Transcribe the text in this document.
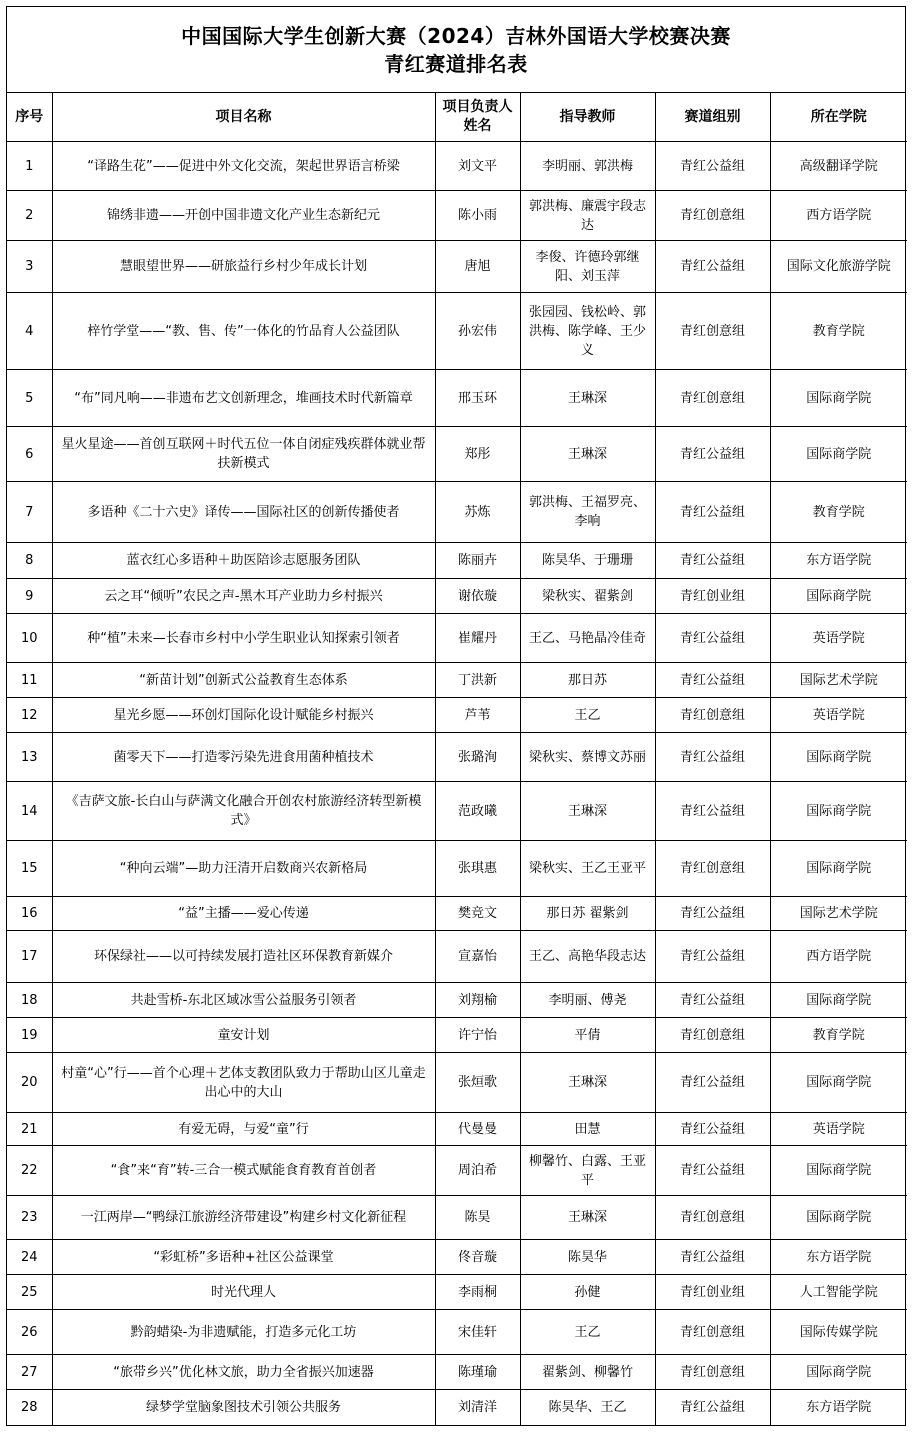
中国国际大学生创新大赛（2024）吉林外国语大学校赛决赛
青红赛道排名表
序号	项目名称	项目负责人姓名	指导教师	赛道组别	所在学院
1	“译路生花”——促进中外文化交流，架起世界语言桥梁	刘文平	李明丽、郭洪梅	青红公益组	高级翻译学院
2	锦绣非遗——开创中国非遗文化产业生态新纪元	陈小雨	郭洪梅、廉震宇段志达	青红创意组	西方语学院
3	慧眼望世界——研旅益行乡村少年成长计划	唐旭	李俊、许德玲郭继阳、刘玉萍	青红公益组	国际文化旅游学院
4	梓竹学堂——“教、售、传”一体化的竹品育人公益团队	孙宏伟	张园园、钱松岭、郭洪梅、陈学峰、王少义	青红创意组	教育学院
5	“布”同凡响——非遗布艺文创新理念，堆画技术时代新篇章	邢玉环	王琳深	青红创意组	国际商学院
6	星火星途——首创互联网＋时代五位一体自闭症残疾群体就业帮扶新模式	郑彤	王琳深	青红公益组	国际商学院
7	多语种《二十六史》译传——国际社区的创新传播使者	苏炼	郭洪梅、王福罗亮、李响	青红公益组	教育学院
8	蓝衣红心多语种＋助医陪诊志愿服务团队	陈丽卉	陈昊华、于珊珊	青红公益组	东方语学院
9	云之耳“倾听”农民之声-黑木耳产业助力乡村振兴	谢依璇	梁秋实、翟紫剑	青红创业组	国际商学院
10	种“植”未来—长春市乡村中小学生职业认知探索引领者	崔耀丹	王乙、马艳晶冷佳奇	青红公益组	英语学院
11	“新苗计划”创新式公益教育生态体系	丁洪新	那日苏	青红公益组	国际艺术学院
12	星光乡愿——环创灯国际化设计赋能乡村振兴	芦苇	王乙	青红创意组	英语学院
13	菌零天下——打造零污染先进食用菌种植技术	张璐洵	梁秋实、蔡博文苏丽	青红公益组	国际商学院
14	《吉萨文旅-长白山与萨满文化融合开创农村旅游经济转型新模式》	范政曦	王琳深	青红公益组	国际商学院
15	“种向云端”—助力汪清开启数商兴农新格局	张琪惠	梁秋实、王乙王亚平	青红创意组	国际商学院
16	“益”主播——爱心传递	樊竞文	那日苏 翟紫剑	青红公益组	国际艺术学院
17	环保绿社——以可持续发展打造社区环保教育新媒介	宣嘉怡	王乙、高艳华段志达	青红公益组	西方语学院
18	共赴雪桥-东北区域冰雪公益服务引领者	刘翔榆	李明丽、傅尧	青红公益组	国际商学院
19	童安计划	许宁怡	平倩	青红创意组	教育学院
20	村童“心”行——首个心理＋艺体支教团队致力于帮助山区儿童走出心中的大山	张烜歌	王琳深	青红公益组	国际商学院
21	有爱无碍，与爱“童”行	代曼曼	田慧	青红公益组	英语学院
22	“食”来“育”转-三合一模式赋能食育教育首创者	周泊希	柳馨竹、白露、王亚平	青红公益组	国际商学院
23	一江两岸—“鸭绿江旅游经济带建设”构建乡村文化新征程	陈昊	王琳深	青红创意组	国际商学院
24	“彩虹桥”多语种+社区公益课堂	佟音璇	陈昊华	青红公益组	东方语学院
25	时光代理人	李雨桐	孙健	青红创业组	人工智能学院
26	黔韵蜡染-为非遗赋能，打造多元化工坊	宋佳轩	王乙	青红创意组	国际传媒学院
27	“旅带乡兴”优化林文旅，助力全省振兴加速器	陈瑾瑜	翟紫剑、柳馨竹	青红创意组	国际商学院
28	绿梦学堂脑象图技术引领公共服务	刘清洋	陈昊华、王乙	青红公益组	东方语学院
